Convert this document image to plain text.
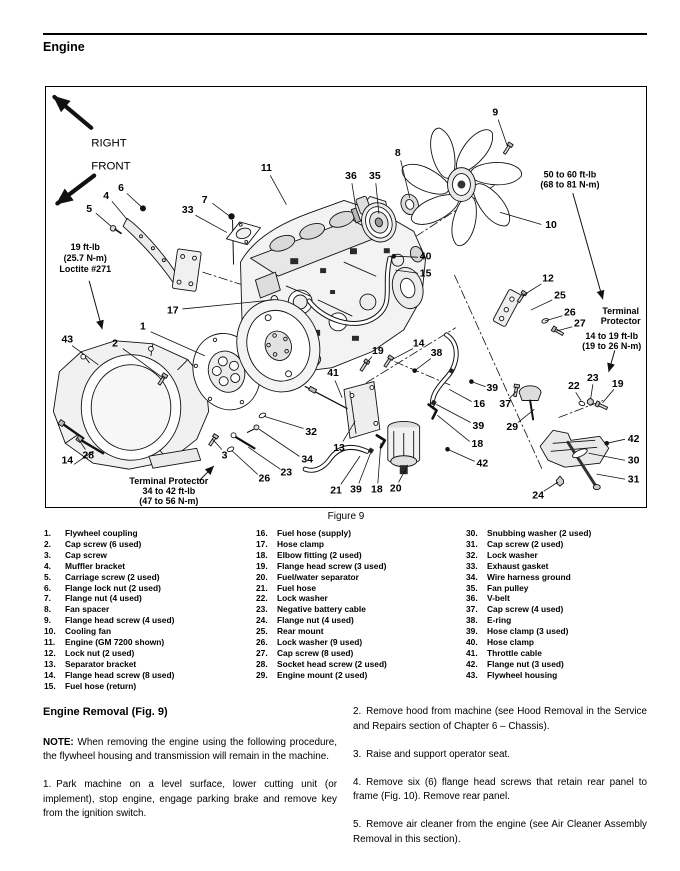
Engine
1
2
3
4
5
6
7
8
9
10
11
12
13
14
14
15
16
17
18
18
19
19
20
21
22
23
23
24
25
26
26
27
28
29
30
31
32
33
34
35
36
37
38
39
39
39
40
41
42
42
43
RIGHT
FRONT
19 ft-lb
(25.7 N-m)
Loctite #271
50 to 60 ft-lb
(68 to 81 N-m)
Terminal
Protector
14 to 19 ft-lb
(19 to 26 N-m)
Terminal Protector
34 to 42 ft-lb
(47 to 56 N-m)
Figure 9
1.	Flywheel coupling
2.	Cap screw (6 used)
3.	Cap screw
4.	Muffler bracket
5.	Carriage screw (2 used)
6.	Flange lock nut (2 used)
7.	Flange nut (4 used)
8.	Fan spacer
9.	Flange head screw (4 used)
10.	Cooling fan
11.	Engine (GM 7200 shown)
12.	Lock nut (2 used)
13.	Separator bracket
14.	Flange head screw (8 used)
15.	Fuel hose (return)
16.	Fuel hose (supply)
17.	Hose clamp
18.	Elbow fitting (2 used)
19.	Flange head screw (3 used)
20.	Fuel/water separator
21.	Fuel hose
22.	Lock washer
23.	Negative battery cable
24.	Flange nut (4 used)
25.	Rear mount
26.	Lock washer (9 used)
27.	Cap screw (8 used)
28.	Socket head screw (2 used)
29.	Engine mount (2 used)
30.	Snubbing washer (2 used)
31.	Cap screw (2 used)
32.	Lock washer
33.	Exhaust gasket
34.	Wire harness ground
35.	Fan pulley
36.	V-belt
37.	Cap screw (4 used)
38.	E-ring
39.	Hose clamp (3 used)
40.	Hose clamp
41.	Throttle cable
42.	Flange nut (3 used)
43.	Flywheel housing
Engine Removal (Fig. 9)

NOTE: When removing the engine using the following procedure, the flywheel housing and transmission will remain in the machine.

1. Park machine on a level surface, lower cutting unit (or implement), stop engine, engage parking brake and remove key from the ignition switch.

2. Remove hood from machine (see Hood Removal in the Service and Repairs section of Chapter 6 – Chassis).

3. Raise and support operator seat.

4. Remove six (6) flange head screws that retain rear panel to frame (Fig. 10). Remove rear panel.

5. Remove air cleaner from the engine (see Air Cleaner Assembly Removal in this section).
